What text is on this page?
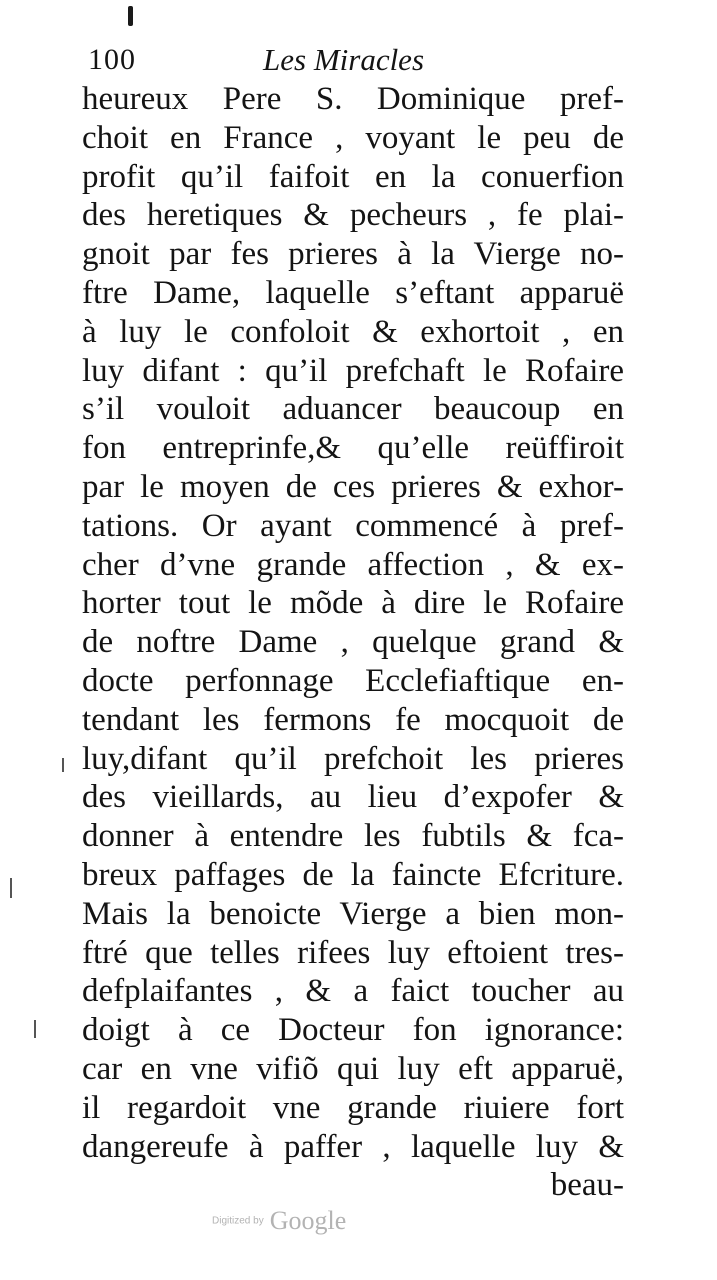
100	Les Miracles
heureux Pere S. Dominique pref-
choit en France , voyant le peu de
profit qu’il faifoit en la conuerfion
des heretiques & pecheurs , fe plai-
gnoit par fes prieres à la Vierge no-
ftre Dame, laquelle s’eftant apparuë
à luy le confoloit & exhortoit , en
luy difant : qu’il prefchaft le Rofaire
s’il vouloit aduancer beaucoup en
fon entreprinfe,& qu’elle reüffiroit
par le moyen de ces prieres & exhor-
tations. Or ayant commencé à pref-
cher d’vne grande affection , & ex-
horter tout le mõde à dire le Rofaire
de noftre Dame , quelque grand &
docte perfonnage Ecclefiaftique en-
tendant les fermons fe mocquoit de
luy,difant qu’il prefchoit les prieres
des vieillards, au lieu d’expofer &
donner à entendre les fubtils & fca-
breux paffages de la faincte Efcriture.
Mais la benoicte Vierge a bien mon-
ftré que telles rifees luy eftoient tres-
defplaifantes , & a faict toucher au
doigt à ce Docteur fon ignorance:
car en vne vifiõ qui luy eft apparuë,
il regardoit vne grande riuiere fort
dangereufe à paffer , laquelle luy &
beau-
Digitized by Google
